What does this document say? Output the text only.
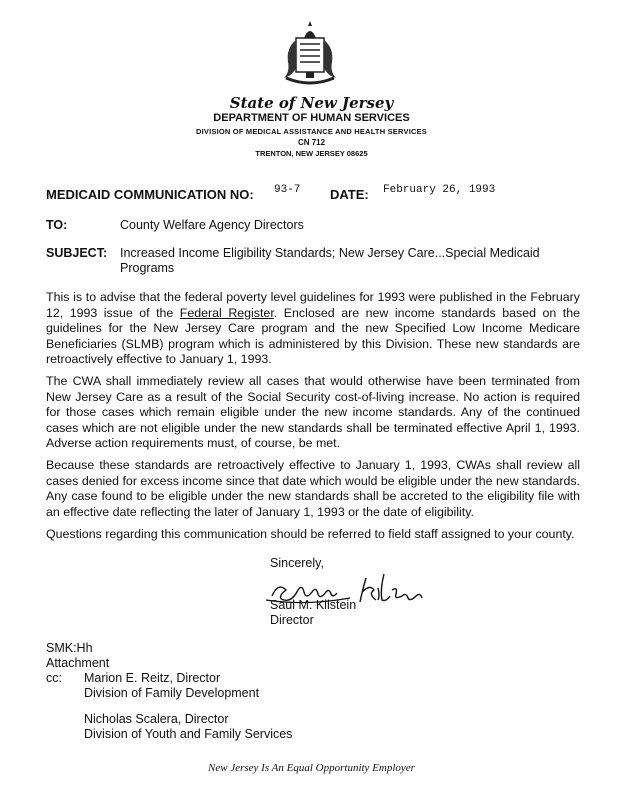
State of New Jersey
DEPARTMENT OF HUMAN SERVICES
DIVISION OF MEDICAL ASSISTANCE AND HEALTH SERVICES
CN 712
TRENTON, NEW JERSEY 08625
MEDICAID COMMUNICATION NO: 93-7 DATE: February 26, 1993
TO:	County Welfare Agency Directors
SUBJECT: Increased Income Eligibility Standards; New Jersey Care...Special Medicaid Programs
This is to advise that the federal poverty level guidelines for 1993 were published in the February 12, 1993 issue of the Federal Register. Enclosed are new income standards based on the guidelines for the New Jersey Care program and the new Specified Low Income Medicare Beneficiaries (SLMB) program which is administered by this Division. These new standards are retroactively effective to January 1, 1993.
The CWA shall immediately review all cases that would otherwise have been terminated from New Jersey Care as a result of the Social Security cost-of-living increase. No action is required for those cases which remain eligible under the new income standards. Any of the continued cases which are not eligible under the new standards shall be terminated effective April 1, 1993. Adverse action requirements must, of course, be met.
Because these standards are retroactively effective to January 1, 1993, CWAs shall review all cases denied for excess income since that date which would be eligible under the new standards. Any case found to be eligible under the new standards shall be accreted to the eligibility file with an effective date reflecting the later of January 1, 1993 or the date of eligibility.
Questions regarding this communication should be referred to field staff assigned to your county.
Sincerely,
Saul M. Kilstein
Director
SMK:Hh
Attachment
cc: Marion E. Reitz, Director
Division of Family Development
Nicholas Scalera, Director
Division of Youth and Family Services
New Jersey Is An Equal Opportunity Employer
